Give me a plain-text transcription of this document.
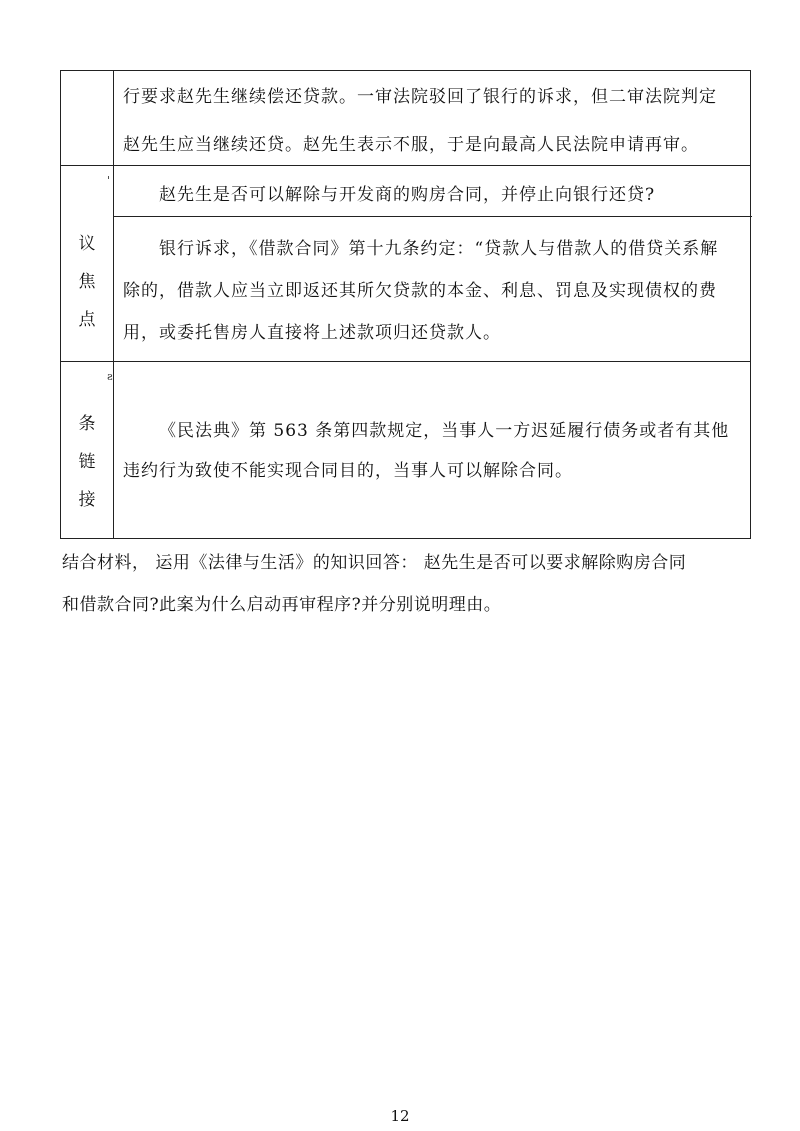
行要求赵先生继续偿还贷款。一审法院驳回了银行的诉求，但二审法院判定
赵先生应当继续还贷。赵先生表示不服，于是向最高人民法院申请再审。
'
赵先生是否可以解除与开发商的购房合同，并停止向银行还贷?
议
焦
点
银行诉求，《借款合同》第十九条约定：“贷款人与借款人的借贷关系解
除的，借款人应当立即返还其所欠贷款的本金、利息、罚息及实现债权的费
用，或委托售房人直接将上述款项归还贷款人。
ƨ
条
链
接
《民法典》第 563 条第四款规定，当事人一方迟延履行债务或者有其他
违约行为致使不能实现合同目的，当事人可以解除合同。
结合材料， 运用《法律与生活》的知识回答： 赵先生是否可以要求解除购房合同
和借款合同?此案为什么启动再审程序?并分别说明理由。
12
